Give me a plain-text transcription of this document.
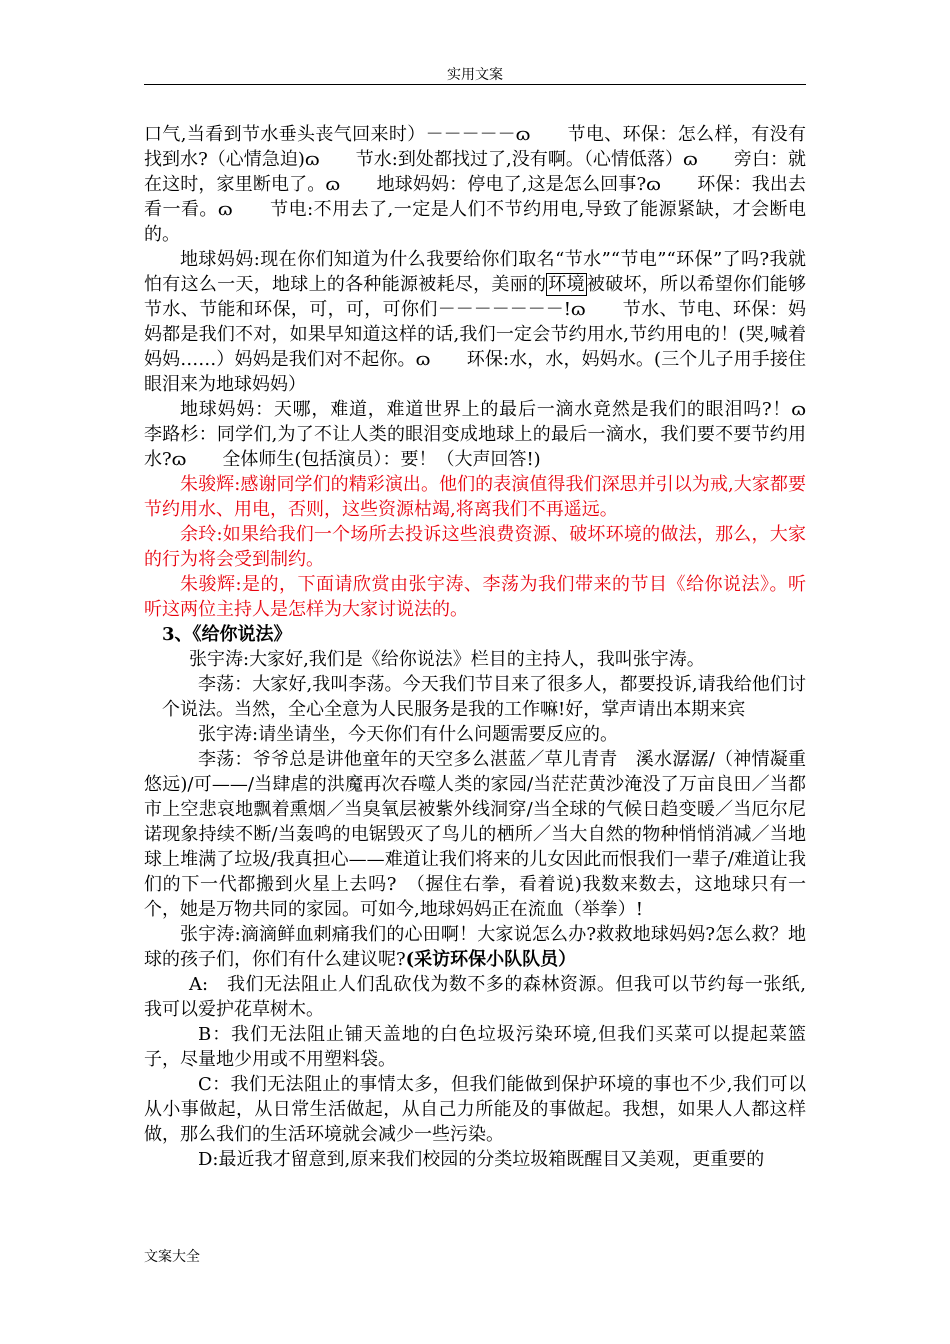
实用文案

口气,当看到节水垂头丧气回来时）－－－－－ɷ　　节电、环保：怎么样，有没有找到水?（心情急迫)ɷ　　节水:到处都找过了,没有啊。（心情低落）ɷ　　旁白：就在这时，家里断电了。ɷ　　地球妈妈：停电了,这是怎么回事?ɷ　　环保：我出去看一看。ɷ　　节电:不用去了,一定是人们不节约用电,导致了能源紧缺，才会断电的。

地球妈妈:现在你们知道为什么我要给你们取名“节水”“节电”“环保”了吗?我就怕有这么一天，地球上的各种能源被耗尽，美丽的 环境 被破坏，所以希望你们能够节水、节能和环保，可，可，可你们－－－－－－－!ɷ　　节水、节电、环保：妈妈都是我们不对，如果早知道这样的话,我们一定会节约用水,节约用电的！(哭,喊着妈妈……）妈妈是我们对不起你。ɷ　　环保:水，水，妈妈水。(三个儿子用手接住眼泪来为地球妈妈）

地球妈妈：天哪，难道，难道世界上的最后一滴水竟然是我们的眼泪吗?！ɷ　　李路杉：同学们,为了不让人类的眼泪变成地球上的最后一滴水，我们要不要节约用水?ɷ　　全体师生(包括演员）：要！（大声回答!)

朱骏辉:感谢同学们的精彩演出。他们的表演值得我们深思并引以为戒,大家都要节约用水、用电，否则，这些资源枯竭,将离我们不再遥远。

余玲:如果给我们一个场所去投诉这些浪费资源、破坏环境的做法，那么，大家的行为将会受到制约。

朱骏辉:是的，下面请欣赏由张宇涛、李荡为我们带来的节目《给你说法》。听听这两位主持人是怎样为大家讨说法的。

3、《给你说法》

张宇涛:大家好,我们是《给你说法》栏目的主持人，我叫张宇涛。

李荡：大家好,我叫李荡。今天我们节目来了很多人，都要投诉,请我给他们讨个说法。当然，全心全意为人民服务是我的工作嘛!好，掌声请出本期来宾

张宇涛:请坐请坐，今天你们有什么问题需要反应的。

李荡：爷爷总是讲他童年的天空多么湛蓝／草儿青青　溪水潺潺/（神情凝重悠远)/可——/当肆虐的洪魔再次吞噬人类的家园/当茫茫黄沙淹没了万亩良田／当都市上空悲哀地飘着熏烟／当臭氧层被紫外线洞穿/当全球的气候日趋变暖／当厄尔尼诺现象持续不断/当轰鸣的电锯毁灭了鸟儿的栖所／当大自然的物种悄悄消减／当地球上堆满了垃圾/我真担心——难道让我们将来的儿女因此而恨我们一辈子/难道让我们的下一代都搬到火星上去吗?　（握住右拳，看着说)我数来数去，这地球只有一个，她是万物共同的家园。可如今,地球妈妈正在流血（举拳）!

张宇涛:滴滴鲜血刺痛我们的心田啊！大家说怎么办?救救地球妈妈?怎么救？地球的孩子们，你们有什么建议呢?(采访环保小队队员）

A:　我们无法阻止人们乱砍伐为数不多的森林资源。但我可以节约每一张纸,我可以爱护花草树木。

B：我们无法阻止铺天盖地的白色垃圾污染环境,但我们买菜可以提起菜篮子，尽量地少用或不用塑料袋。

C：我们无法阻止的事情太多，但我们能做到保护环境的事也不少,我们可以从小事做起，从日常生活做起，从自己力所能及的事做起。我想，如果人人都这样做，那么我们的生活环境就会减少一些污染。

D:最近我才留意到,原来我们校园的分类垃圾箱既醒目又美观，更重要的

文案大全
